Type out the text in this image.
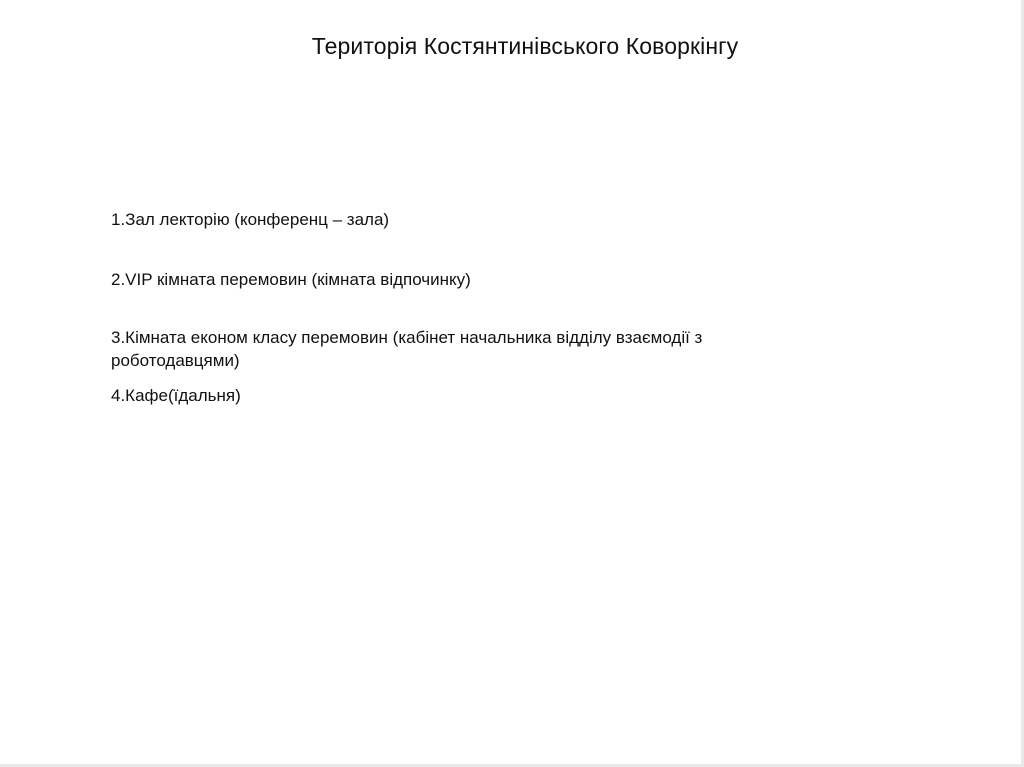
Територія Костянтинівського Коворкінгу
1.Зал лекторію (конференц – зала)
2.VIP кімната перемовин (кімната відпочинку)
3.Кімната економ класу перемовин (кабінет начальника відділу взаємодії з роботодавцями)
4.Кафе(їдальня)
